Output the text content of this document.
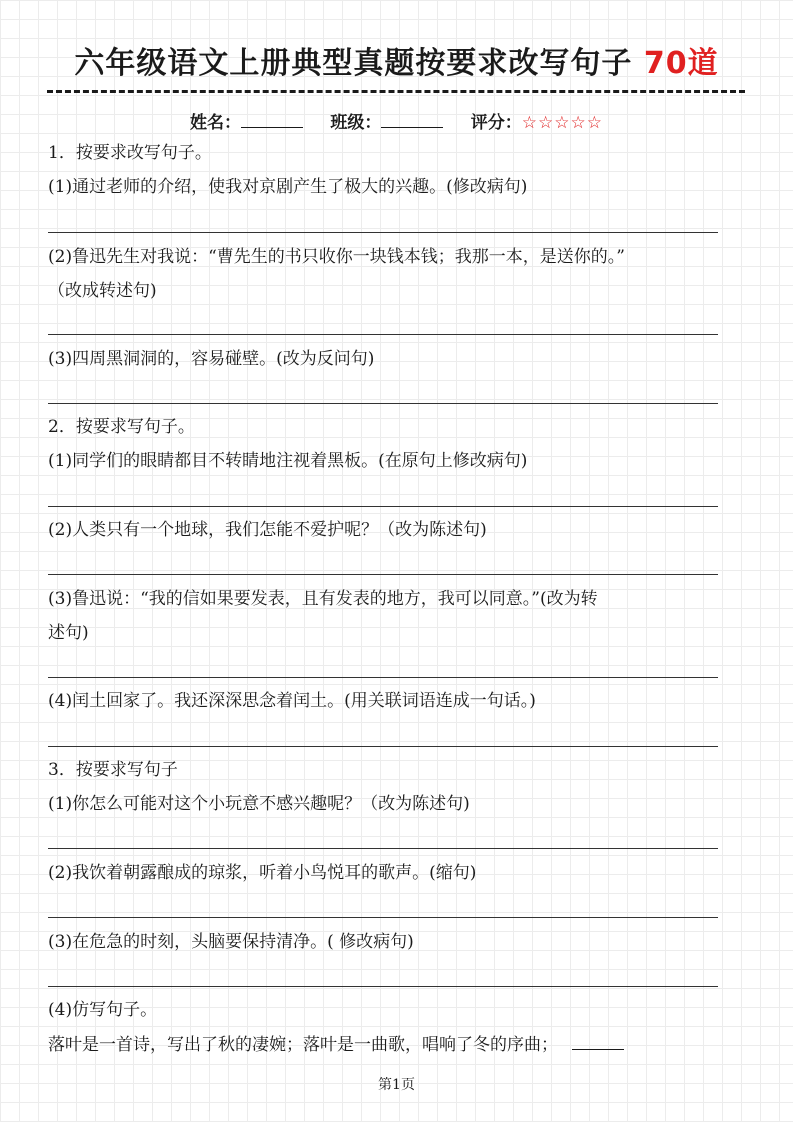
六年级语文上册典型真题按要求改写句子 70道
姓名：	班级：	评分：☆☆☆☆☆
1．按要求改写句子。
(1)通过老师的介绍，使我对京剧产生了极大的兴趣。(修改病句)
(2)鲁迅先生对我说：“曹先生的书只收你一块钱本钱；我那一本，是送你的。”
（改成转述句)
(3)四周黑洞洞的，容易碰壁。(改为反问句)
2．按要求写句子。
(1)同学们的眼睛都目不转睛地注视着黑板。(在原句上修改病句)
(2)人类只有一个地球，我们怎能不爱护呢？（改为陈述句)
(3)鲁迅说：“我的信如果要发表，且有发表的地方，我可以同意。”(改为转
述句)
(4)闰土回家了。我还深深思念着闰土。(用关联词语连成一句话。)
3．按要求写句子
(1)你怎么可能对这个小玩意不感兴趣呢？（改为陈述句)
(2)我饮着朝露酿成的琼浆，听着小鸟悦耳的歌声。(缩句)
(3)在危急的时刻，头脑要保持清净。( 修改病句)
(4)仿写句子。
落叶是一首诗，写出了秋的凄婉；落叶是一曲歌，唱响了冬的序曲；
第1页
